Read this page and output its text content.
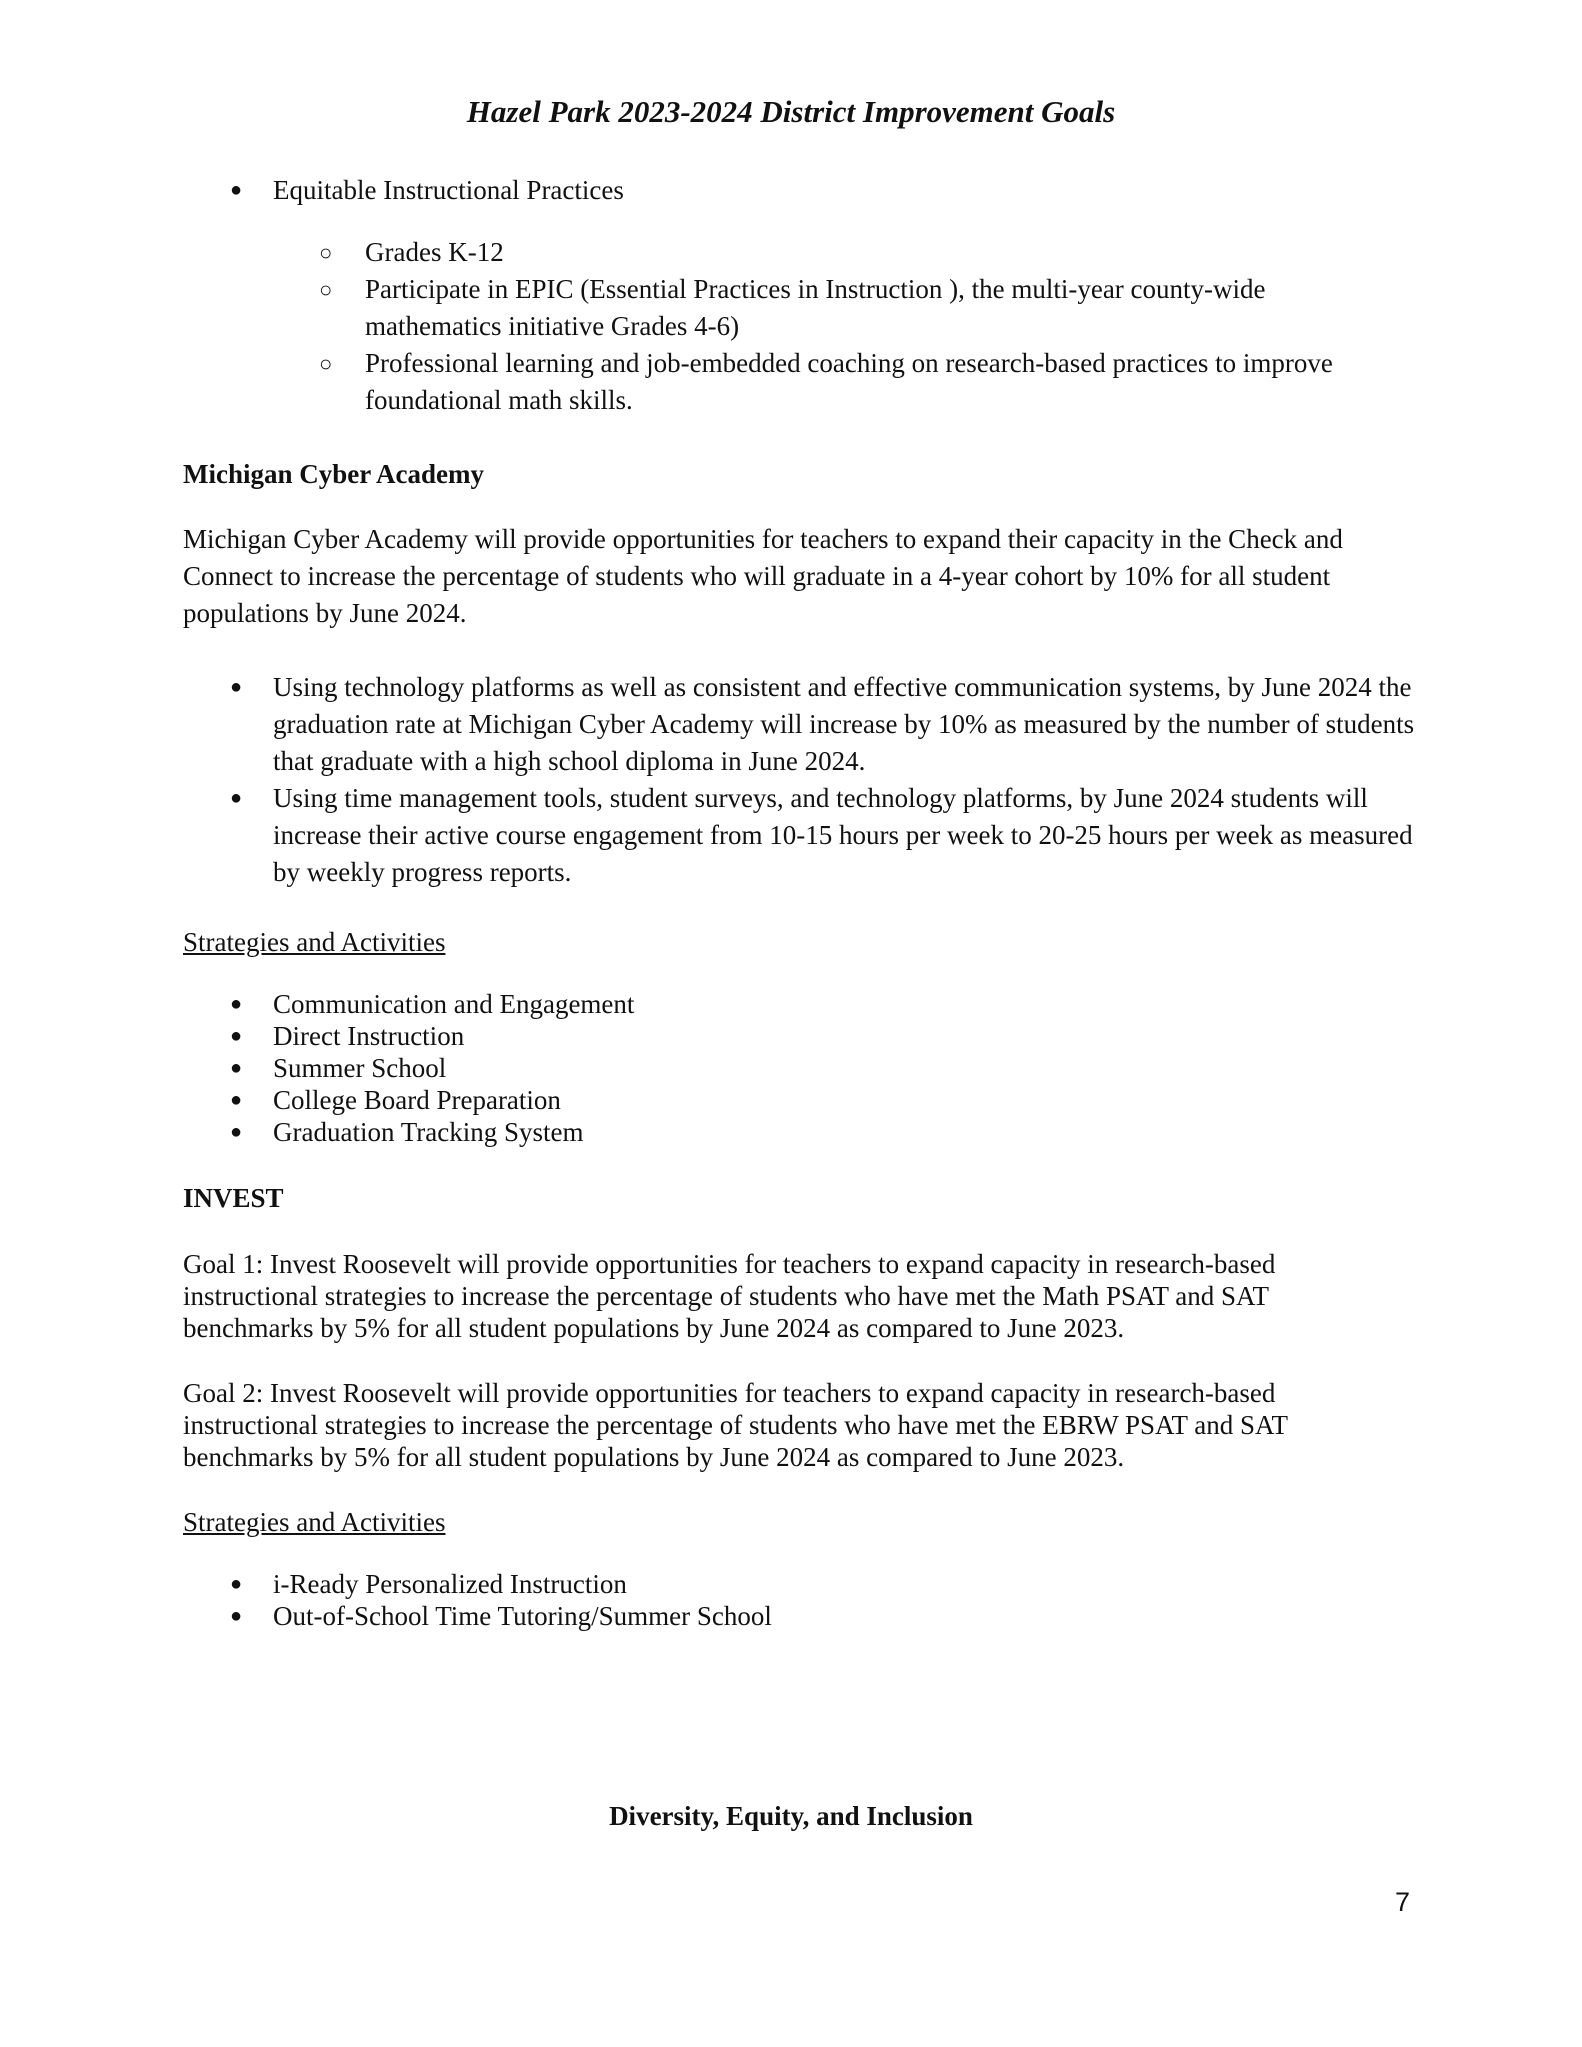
Hazel Park 2023-2024 District Improvement Goals
● Equitable Instructional Practices
○ Grades K-12
○ Participate in EPIC (Essential Practices in Instruction ), the multi-year county-wide mathematics initiative Grades 4-6)
○ Professional learning and job-embedded coaching on research-based practices to improve foundational math skills.
Michigan Cyber Academy
Michigan Cyber Academy will provide opportunities for teachers to expand their capacity in the Check and Connect to increase the percentage of students who will graduate in a 4-year cohort by 10% for all student populations by June 2024.
● Using technology platforms as well as consistent and effective communication systems, by June 2024 the graduation rate at Michigan Cyber Academy will increase by 10% as measured by the number of students that graduate with a high school diploma in June 2024.
● Using time management tools, student surveys, and technology platforms, by June 2024 students will increase their active course engagement from 10-15 hours per week to 20-25 hours per week as measured by weekly progress reports.
Strategies and Activities
● Communication and Engagement
● Direct Instruction
● Summer School
● College Board Preparation
● Graduation Tracking System
INVEST
Goal 1: Invest Roosevelt will provide opportunities for teachers to expand capacity in research-based instructional strategies to increase the percentage of students who have met the Math PSAT and SAT benchmarks by 5% for all student populations by June 2024 as compared to June 2023.
Goal 2: Invest Roosevelt will provide opportunities for teachers to expand capacity in research-based instructional strategies to increase the percentage of students who have met the EBRW PSAT and SAT benchmarks by 5% for all student populations by June 2024 as compared to June 2023.
Strategies and Activities
● i-Ready Personalized Instruction
● Out-of-School Time Tutoring/Summer School
Diversity, Equity, and Inclusion
7
